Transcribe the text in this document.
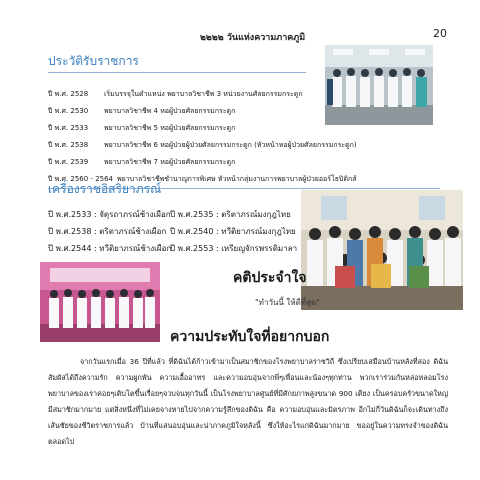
๒๒๒๒ วันแห่งความภาคภูมิ	20
ประวัติรับราชการ
ปี พ.ศ. 2528 เริ่มบรรจุในตำแหน่ง พยาบาลวิชาชีพ 3 หน่วยงานศัลยกรรมกระดูก
ปี พ.ศ. 2530 พยาบาลวิชาชีพ 4 หอผู้ป่วยศัลยกรรมกระดูก
ปี พ.ศ. 2533 พยาบาลวิชาชีพ 5 หอผู้ป่วยศัลยกรรมกระดูก
ปี พ.ศ. 2538 พยาบาลวิชาชีพ 6 หอผู้ป่วยผู้ป่วยศัลยกรรมกระดูก (หัวหน้าหอผู้ป่วยศัลยกรรมกระดูก)
ปี พ.ศ. 2539 พยาบาลวิชาชีพ 7 หอผู้ป่วยศัลยกรรมกระดูก
ปี พ.ศ. 2560 - 2564 พยาบาลวิชาชีพชำนาญการพิเศษ หัวหน้ากลุ่มงานการพยาบาลผู้ป่วยออร์โธปิดิกส์
เครื่องราชอิสริยาภรณ์
ปี พ.ศ.2533 : จัตุรถาภรณ์ช้างเผือก ปี พ.ศ.2535 : ตริตาภรณ์มงกุฎไทย
ปี พ.ศ.2538 : ตริตาภรณ์ช้างเผือก ปี พ.ศ.2540 : ทวีติยาภรณ์มงกุฎไทย
ปี พ.ศ.2544 : ทวีติยาภรณ์ช้างเผือก
ปี พ.ศ.2553 : เหรียญจักรพรรดิมาลา
คติประจำใจ
"ทำวันนี้ ให้ดีที่สุด"
ความประทับใจที่อยากบอก
จากวันแรกเมื่อ 36 ปีที่แล้ว ที่ดิฉันได้ก้าวเข้ามาเป็นสมาชิกของโรงพยาบาลราชวิถี ซึ่งเปรียบเสมือนบ้านหลังที่สอง ดิฉันสัมผัสได้ถึงความรัก ความผูกพัน ความเอื้ออาทร และความอบอุ่นจากพี่ๆเพื่อนและน้องๆทุกท่าน พวกเราร่วมกันหล่อหลอมโรงพยาบาลของเราค่อยๆเติบโตขึ้นเรื่อยๆจวบจนทุกวันนี้ เป็นโรงพยาบาลศูนย์ที่มีศักยภาพสูงขนาด 900 เตียง เป็นครอบครัวขนาดใหญ่ มีสมาชิกมากมาย แต่สิ่งหนึ่งที่ไม่เคยจางหายไปจากความรู้สึกของดิฉัน คือ ความอบอุ่นและมิตรภาพ อีกไม่กี่วันดิฉันก็จะเดินทางถึงเส้นชัยของชีวิตราชการแล้ว บ้านที่แสนอบอุ่นและน่าภาคภูมิใจหลังนี้ ซึ่งให้อะไรแก่ดิฉันมากมาย ขออยู่ในความทรงจำของดิฉันตลอดไป
